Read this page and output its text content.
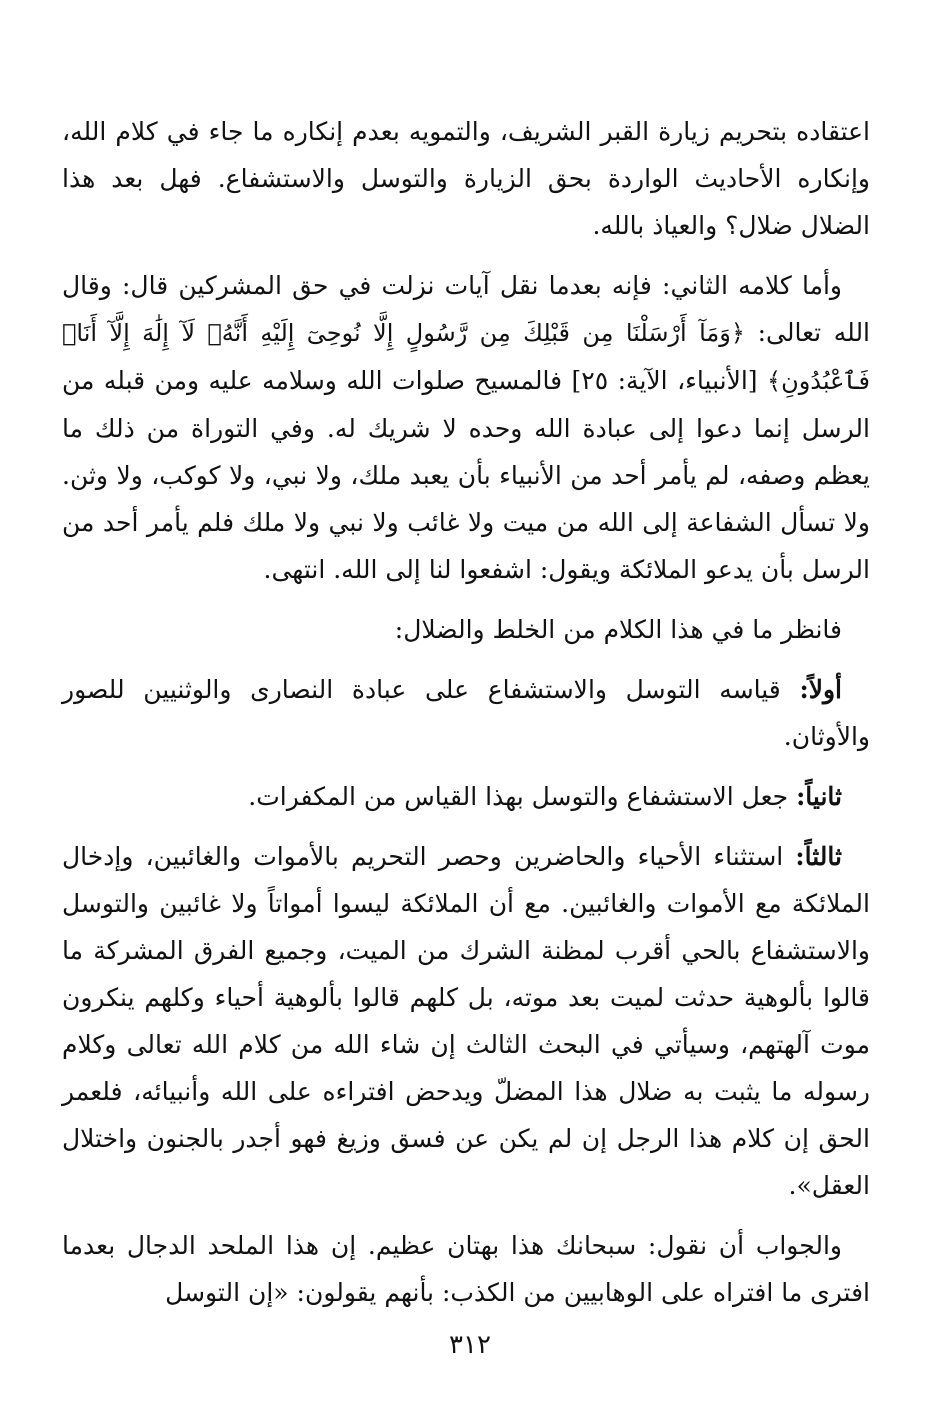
اعتقاده بتحريم زيارة القبر الشريف، والتمويه بعدم إنكاره ما جاء في كلام الله، وإنكاره الأحاديث الواردة بحق الزيارة والتوسل والاستشفاع. فهل بعد هذا الضلال ضلال؟ والعياذ بالله.

وأما كلامه الثاني: فإنه بعدما نقل آيات نزلت في حق المشركين قال: وقال الله تعالى: ﴿وَمَآ أَرْسَلْنَا مِن قَبْلِكَ مِن رَّسُولٍ إِلَّا نُوحِىٓ إِلَيْهِ أَنَّهُۥ لَآ إِلَٰهَ إِلَّآ أَنَا۠ فَٱعْبُدُونِ﴾ [الأنبياء، الآية: ٢٥] فالمسيح صلوات الله وسلامه عليه ومن قبله من الرسل إنما دعوا إلى عبادة الله وحده لا شريك له. وفي التوراة من ذلك ما يعظم وصفه، لم يأمر أحد من الأنبياء بأن يعبد ملك، ولا نبي، ولا كوكب، ولا وثن. ولا تسأل الشفاعة إلى الله من ميت ولا غائب ولا نبي ولا ملك فلم يأمر أحد من الرسل بأن يدعو الملائكة ويقول: اشفعوا لنا إلى الله. انتهى.

فانظر ما في هذا الكلام من الخلط والضلال:

أولاً: قياسه التوسل والاستشفاع على عبادة النصارى والوثنيين للصور والأوثان.

ثانياً: جعل الاستشفاع والتوسل بهذا القياس من المكفرات.

ثالثاً: استثناء الأحياء والحاضرين وحصر التحريم بالأموات والغائبين، وإدخال الملائكة مع الأموات والغائبين. مع أن الملائكة ليسوا أمواتاً ولا غائبين والتوسل والاستشفاع بالحي أقرب لمظنة الشرك من الميت، وجميع الفرق المشركة ما قالوا بألوهية حدثت لميت بعد موته، بل كلهم قالوا بألوهية أحياء وكلهم ينكرون موت آلهتهم، وسيأتي في البحث الثالث إن شاء الله من كلام الله تعالى وكلام رسوله ما يثبت به ضلال هذا المضلّ ويدحض افتراءه على الله وأنبيائه، فلعمر الحق إن كلام هذا الرجل إن لم يكن عن فسق وزيغ فهو أجدر بالجنون واختلال العقل».

والجواب أن نقول: سبحانك هذا بهتان عظيم. إن هذا الملحد الدجال بعدما افترى ما افتراه على الوهابيين من الكذب: بأنهم يقولون: «إن التوسل

٣١٢
